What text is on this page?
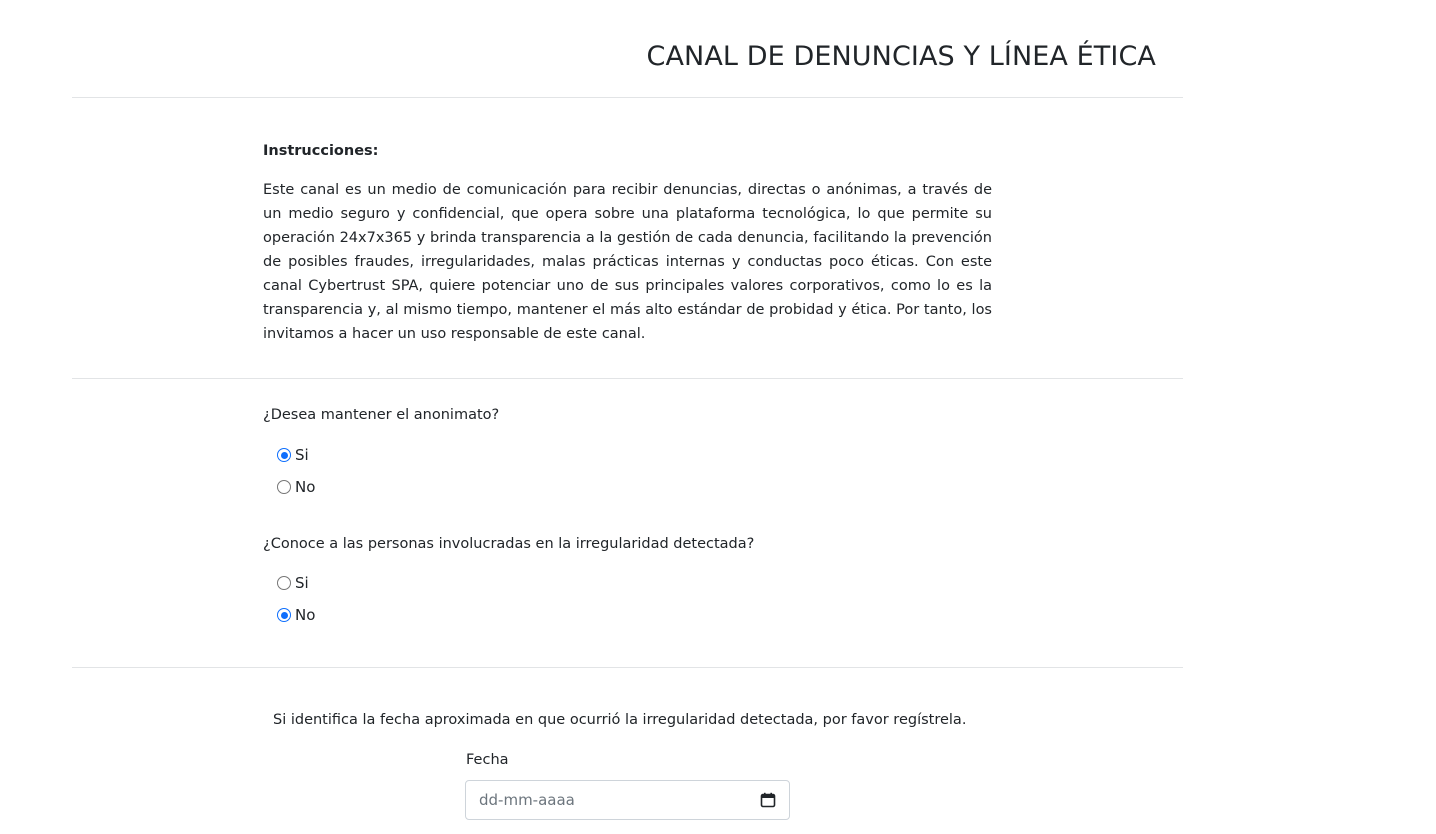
CANAL DE DENUNCIAS Y LÍNEA ÉTICA

Instrucciones:

Este canal es un medio de comunicación para recibir denuncias, directas o anónimas, a través de un medio seguro y confidencial, que opera sobre una plataforma tecnológica, lo que permite su operación 24x7x365 y brinda transparencia a la gestión de cada denuncia, facilitando la prevención de posibles fraudes, irregularidades, malas prácticas internas y conductas poco éticas. Con este canal Cybertrust SPA, quiere potenciar uno de sus principales valores corporativos, como lo es la transparencia y, al mismo tiempo, mantener el más alto estándar de probidad y ética. Por tanto, los invitamos a hacer un uso responsable de este canal.

¿Desea mantener el anonimato?

Si
No

¿Conoce a las personas involucradas en la irregularidad detectada?

Si
No

Si identifica la fecha aproximada en que ocurrió la irregularidad detectada, por favor regístrela.

Fecha

dd-mm-aaaa
